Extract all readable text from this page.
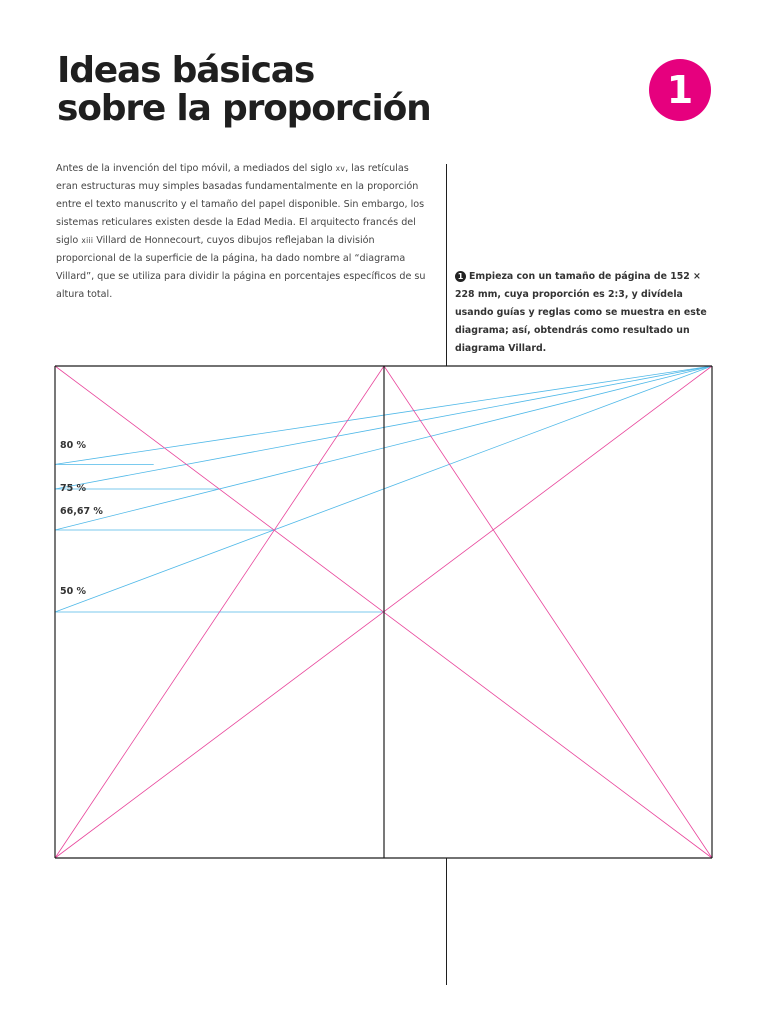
Ideas básicas
sobre la proporción	1

Antes de la invención del tipo móvil, a mediados del siglo xv, las retículas eran estructuras muy simples basadas fundamentalmente en la proporción entre el texto manuscrito y el tamaño del papel disponible. Sin embargo, los sistemas reticulares existen desde la Edad Media. El arquitecto francés del siglo xiii Villard de Honnecourt, cuyos dibujos reflejaban la división proporcional de la superficie de la página, ha dado nombre al “diagrama Villard”, que se utiliza para dividir la página en porcentajes específicos de su altura total.

1 Empieza con un tamaño de página de 152 × 228 mm, cuya proporción es 2:3, y divídela usando guías y reglas como se muestra en este diagrama; así, obtendrás como resultado un diagrama Villard.

80 %
75 %
66,67 %
50 %
